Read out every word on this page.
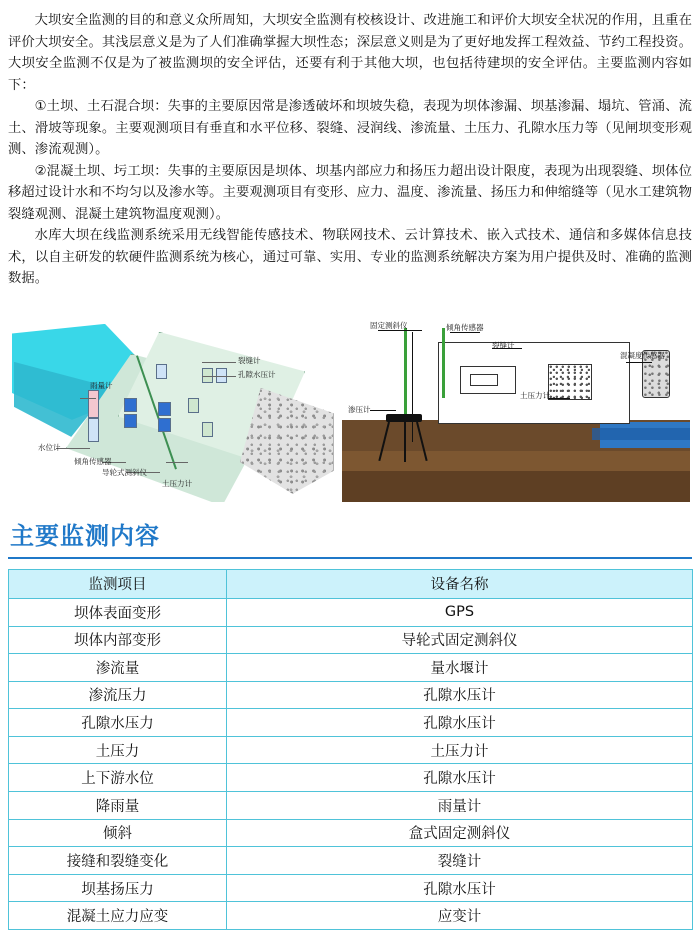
大坝安全监测的目的和意义众所周知，大坝安全监测有校核设计、改进施工和评价大坝安全状况的作用，且重在评价大坝安全。其浅层意义是为了人们准确掌握大坝性态；深层意义则是为了更好地发挥工程效益、节约工程投资。大坝安全监测不仅是为了被监测坝的安全评估，还要有利于其他大坝，也包括待建坝的安全评估。主要监测内容如下：

①土坝、土石混合坝：失事的主要原因常是渗透破坏和坝坡失稳，表现为坝体渗漏、坝基渗漏、塌坑、管涌、流土、滑坡等现象。主要观测项目有垂直和水平位移、裂缝、浸润线、渗流量、土压力、孔隙水压力等（见闸坝变形观测、渗流观测）。

②混凝土坝、圬工坝：失事的主要原因是坝体、坝基内部应力和扬压力超出设计限度，表现为出现裂缝、坝体位移超过设计水和不均匀以及渗水等。主要观测项目有变形、应力、温度、渗流量、扬压力和伸缩缝等（见水工建筑物裂缝观测、混凝土建筑物温度观测）。

水库大坝在线监测系统采用无线智能传感技术、物联网技术、云计算技术、嵌入式技术、通信和多媒体信息技术，以自主研发的软硬件监测系统为核心，通过可靠、实用、专业的监测系统解决方案为用户提供及时、准确的监测数据。

裂缝计
孔隙水压计
雨量计
水位计
倾角传感器
导轮式测斜仪
土压力计
固定测斜仪	倾角传感器
裂缝计
混凝度传感器
土压力计
渗压计
主要监测内容
监测项目	设备名称
坝体表面变形	GPS
坝体内部变形	导轮式固定测斜仪
渗流量	量水堰计
渗流压力	孔隙水压计
孔隙水压力	孔隙水压计
土压力	土压力计
上下游水位	孔隙水压计
降雨量	雨量计
倾斜	盒式固定测斜仪
接缝和裂缝变化	裂缝计
坝基扬压力	孔隙水压计
混凝土应力应变	应变计
